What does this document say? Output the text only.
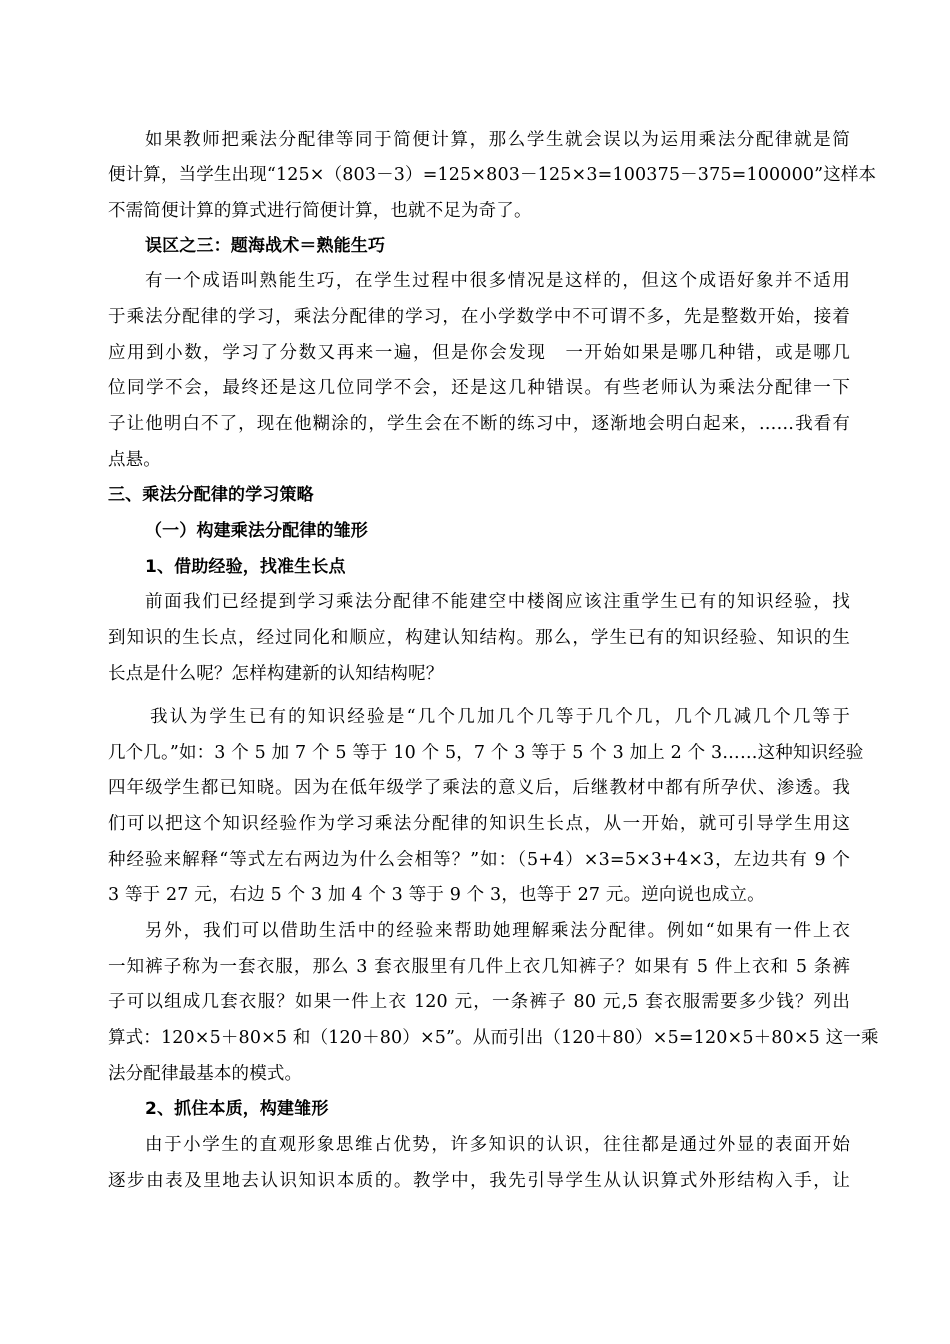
如果教师把乘法分配律等同于简便计算，那么学生就会误以为运用乘法分配律就是简
便计算，当学生出现“125×（803－3）=125×803－125×3=100375－375=100000”这样本
不需简便计算的算式进行简便计算，也就不足为奇了。
误区之三：题海战术＝熟能生巧
有一个成语叫熟能生巧，在学生过程中很多情况是这样的，但这个成语好象并不适用
于乘法分配律的学习，乘法分配律的学习，在小学数学中不可谓不多，先是整数开始，接着
应用到小数，学习了分数又再来一遍，但是你会发现　一开始如果是哪几种错，或是哪几
位同学不会，最终还是这几位同学不会，还是这几种错误。有些老师认为乘法分配律一下
子让他明白不了，现在他糊涂的，学生会在不断的练习中，逐渐地会明白起来，……我看有
点悬。
三、乘法分配律的学习策略
（一）构建乘法分配律的雏形
1、借助经验，找准生长点
前面我们已经提到学习乘法分配律不能建空中楼阁应该注重学生已有的知识经验，找
到知识的生长点，经过同化和顺应，构建认知结构。那么，学生已有的知识经验、知识的生
长点是什么呢？怎样构建新的认知结构呢？
我认为学生已有的知识经验是“几个几加几个几等于几个几，几个几减几个几等于
几个几。”如：3 个 5 加 7 个 5 等于 10 个 5，7 个 3 等于 5 个 3 加上 2 个 3……这种知识经验
四年级学生都已知晓。因为在低年级学了乘法的意义后，后继教材中都有所孕伏、渗透。我
们可以把这个知识经验作为学习乘法分配律的知识生长点，从一开始，就可引导学生用这
种经验来解释“等式左右两边为什么会相等？”如：（5+4）×3=5×3+4×3，左边共有 9 个
3 等于 27 元，右边 5 个 3 加 4 个 3 等于 9 个 3，也等于 27 元。逆向说也成立。
另外，我们可以借助生活中的经验来帮助她理解乘法分配律。例如“如果有一件上衣
一知裤子称为一套衣服，那么 3 套衣服里有几件上衣几知裤子？如果有 5 件上衣和 5 条裤
子可以组成几套衣服？如果一件上衣 120 元，一条裤子 80 元,5 套衣服需要多少钱？列出
算式：120×5＋80×5 和（120＋80）×5”。从而引出（120＋80）×5=120×5＋80×5 这一乘
法分配律最基本的模式。
2、抓住本质，构建雏形
由于小学生的直观形象思维占优势，许多知识的认识，往往都是通过外显的表面开始
逐步由表及里地去认识知识本质的。教学中，我先引导学生从认识算式外形结构入手，让
